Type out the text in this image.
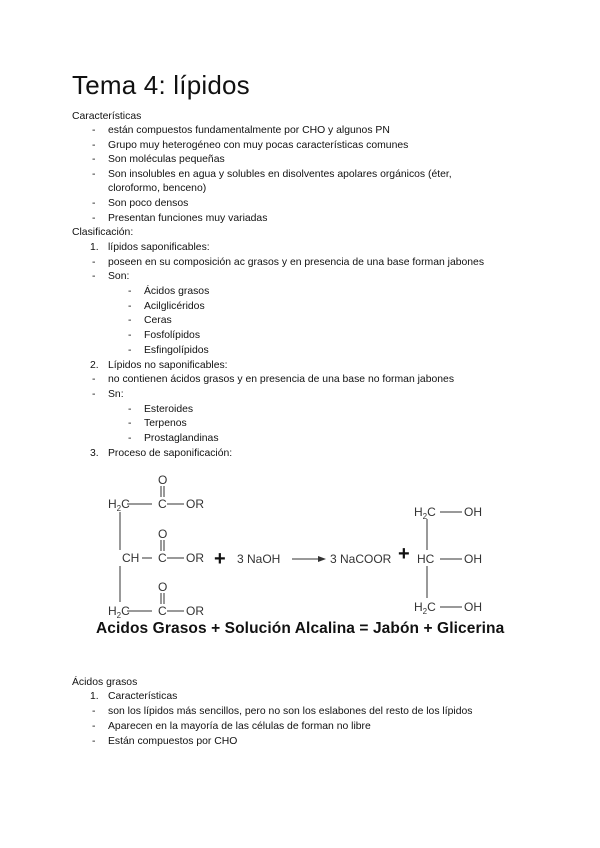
Tema 4: lípidos
Características
- están compuestos fundamentalmente por CHO y algunos PN
- Grupo muy heterogéneo con muy pocas características comunes
- Son moléculas pequeñas
- Son insolubles en agua y solubles en disolventes apolares orgánicos (éter,
cloroformo, benceno)
- Son poco densos
- Presentan funciones muy variadas
Clasificación:
1. lípidos saponificables:
- poseen en su composición ac grasos y en presencia de una base forman jabones
- Son:
- Ácidos grasos
- Acilglicéridos
- Ceras
- Fosfolípidos
- Esfingolípidos
2. Lípidos no saponificables:
- no contienen ácidos grasos y en presencia de una base no forman jabones
- Sn:
- Esteroides
- Terpenos
- Prostaglandinas
3. Proceso de saponificación:
$H_2C$ C
O
OR
CH C
O
OR
$H_2C$ C
O
OR
3 NaOH	3 NaCOOR
$H_2C$ OH
HC OH
$H_2C$ OH
+	+
Acidos Grasos + Solución Alcalina = Jabón + Glicerina
Ácidos grasos
1. Características
- son los lípidos más sencillos, pero no son los eslabones del resto de los lípidos
- Aparecen en la mayoría de las células de forman no libre
- Están compuestos por CHO
